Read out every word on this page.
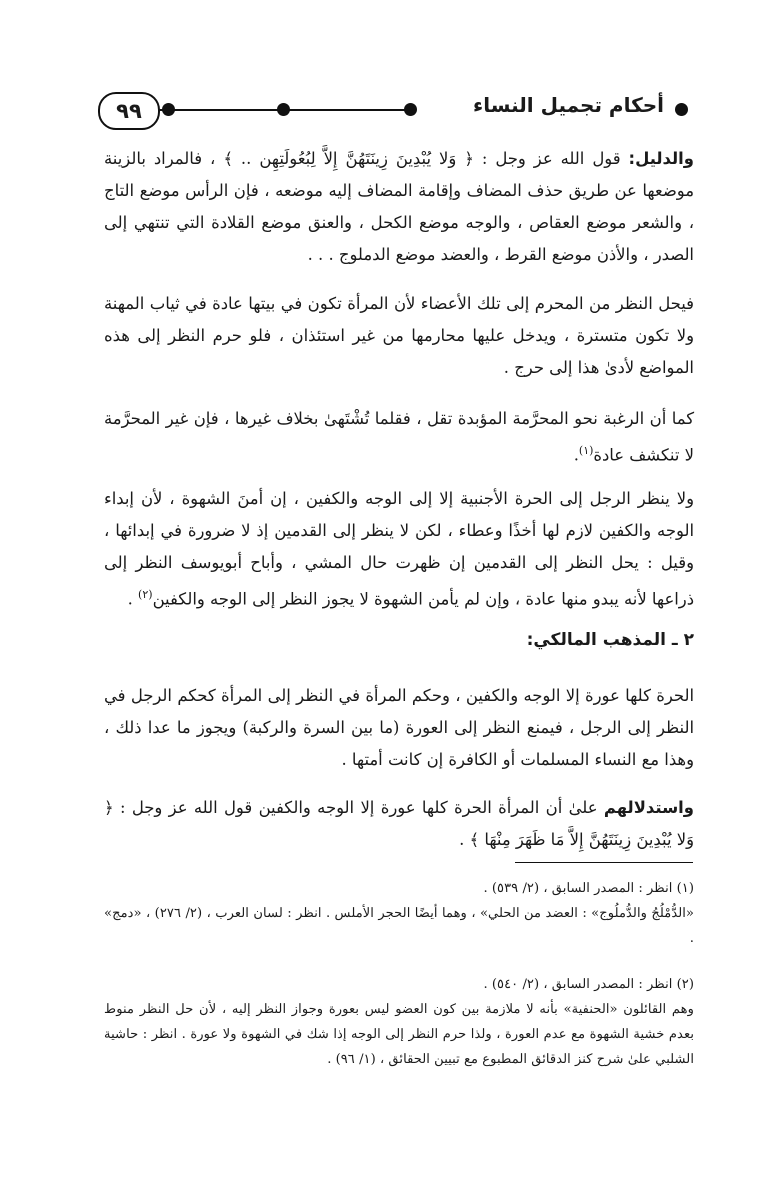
٩٩	أحكام تجميل النساء

والدليل: قول الله عز وجل : ﴿ وَلا يُبْدِينَ زِينَتَهُنَّ إِلاَّ لِبُعُولَتِهِن .. ﴾ ، فالمراد بالزينة موضعها عن طريق حذف المضاف وإقامة المضاف إليه موضعه ، فإن الرأس موضع التاج ، والشعر موضع العقاص ، والوجه موضع الكحل ، والعنق موضع القلادة التي تنتهي إلى الصدر ، والأذن موضع القرط ، والعضد موضع الدملوج . . .

فيحل النظر من المحرم إلى تلك الأعضاء لأن المرأة تكون في بيتها عادة في ثياب المهنة ولا تكون متسترة ، ويدخل عليها محارمها من غير استئذان ، فلو حرم النظر إلى هذه المواضع لأدىٰ هذا إلى حرج .

كما أن الرغبة نحو المحرَّمة المؤبدة تقل ، فقلما تُشْتَهىٰ بخلاف غيرها ، فإن غير المحرَّمة لا تنكشف عادة$^{(١)}$.

ولا ينظر الرجل إلى الحرة الأجنبية إلا إلى الوجه والكفين ، إن أمنَ الشهوة ، لأن إبداء الوجه والكفين لازم لها أخذًا وعطاء ، لكن لا ينظر إلى القدمين إذ لا ضرورة في إبدائها ، وقيل : يحل النظر إلى القدمين إن ظهرت حال المشي ، وأباح أبويوسف النظر إلى ذراعها لأنه يبدو منها عادة ، وإن لم يأمن الشهوة لا يجوز النظر إلى الوجه والكفين$^{(٢)}$ .

٢ ـ المذهب المالكي:

الحرة كلها عورة إلا الوجه والكفين ، وحكم المرأة في النظر إلى المرأة كحكم الرجل في النظر إلى الرجل ، فيمنع النظر إلى العورة (ما بين السرة والركبة) ويجوز ما عدا ذلك ، وهذا مع النساء المسلمات أو الكافرة إن كانت أمتها .

واستدلالهم علىٰ أن المرأة الحرة كلها عورة إلا الوجه والكفين قول الله عز وجل : ﴿ وَلا يُبْدِينَ زِينَتَهُنَّ إِلاَّ مَا ظَهَرَ مِنْهَا ﴾ .

(١) انظر : المصدر السابق ، (٢/ ٥٣٩) .

«الدُّمْلُجُ والدُّملُوج» : العضد من الحلي» ، وهما أيضًا الحجر الأملس . انظر : لسان العرب ، (٢/ ٢٧٦) ، «دمج» .

(٢) انظر : المصدر السابق ، (٢/ ٥٤٠) .

وهم القائلون «الحنفية» بأنه لا ملازمة بين كون العضو ليس بعورة وجواز النظر إليه ، لأن حل النظر منوط بعدم خشية الشهوة مع عدم العورة ، ولذا حرم النظر إلى الوجه إذا شك في الشهوة ولا عورة . انظر : حاشية الشلبي علىٰ شرح كنز الدقائق المطبوع مع تبيين الحقائق ، (١/ ٩٦) .
